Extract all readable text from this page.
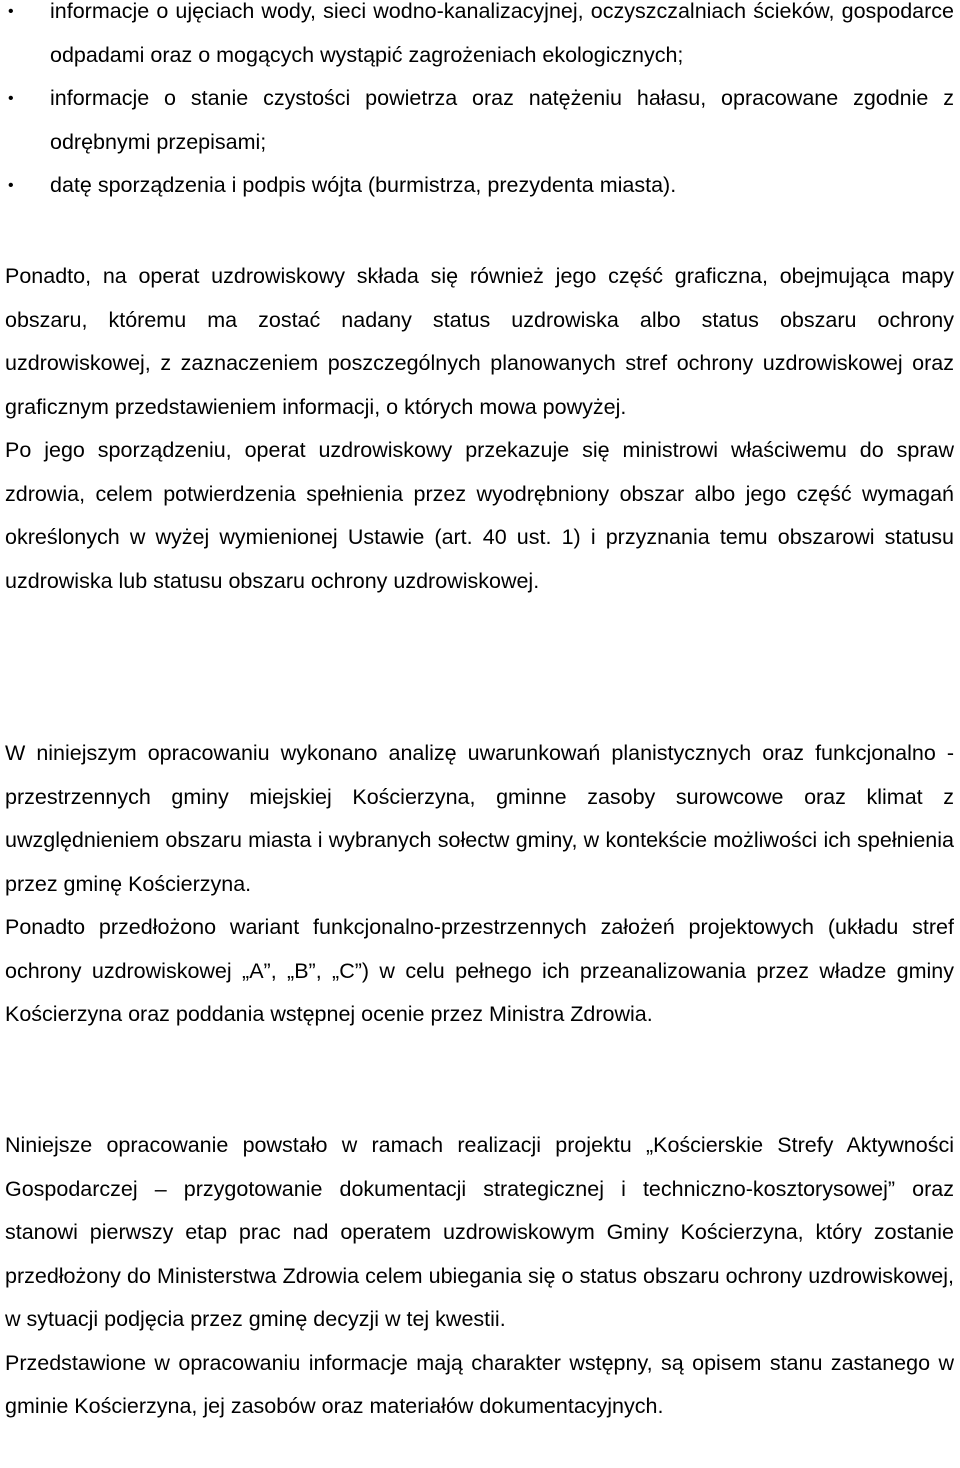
• informacje o ujęciach wody, sieci wodno-kanalizacyjnej, oczyszczalniach ścieków, gospodarce odpadami oraz o mogących wystąpić zagrożeniach ekologicznych;
• informacje o stanie czystości powietrza oraz natężeniu hałasu, opracowane zgodnie z odrębnymi przepisami;
• datę sporządzenia i podpis wójta (burmistrza, prezydenta miasta).

Ponadto, na operat uzdrowiskowy składa się również jego część graficzna, obejmująca mapy obszaru, któremu ma zostać nadany status uzdrowiska albo status obszaru ochrony uzdrowiskowej, z zaznaczeniem poszczególnych planowanych stref ochrony uzdrowiskowej oraz graficznym przedstawieniem informacji, o których mowa powyżej.

Po jego sporządzeniu, operat uzdrowiskowy przekazuje się ministrowi właściwemu do spraw zdrowia, celem potwierdzenia spełnienia przez wyodrębniony obszar albo jego część wymagań określonych w wyżej wymienionej Ustawie (art. 40 ust. 1) i przyznania temu obszarowi statusu uzdrowiska lub statusu obszaru ochrony uzdrowiskowej.

W niniejszym opracowaniu wykonano analizę uwarunkowań planistycznych oraz funkcjonalno - przestrzennych gminy miejskiej Kościerzyna, gminne zasoby surowcowe oraz klimat z uwzględnieniem obszaru miasta i wybranych sołectw gminy, w kontekście możliwości ich spełnienia przez gminę Kościerzyna.

Ponadto przedłożono wariant funkcjonalno-przestrzennych założeń projektowych (układu stref ochrony uzdrowiskowej „A”, „B”, „C”) w celu pełnego ich przeanalizowania przez władze gminy Kościerzyna oraz poddania wstępnej ocenie przez Ministra Zdrowia.

Niniejsze opracowanie powstało w ramach realizacji projektu „Kościerskie Strefy Aktywności Gospodarczej – przygotowanie dokumentacji strategicznej i techniczno-kosztorysowej” oraz stanowi pierwszy etap prac nad operatem uzdrowiskowym Gminy Kościerzyna, który zostanie przedłożony do Ministerstwa Zdrowia celem ubiegania się o status obszaru ochrony uzdrowiskowej, w sytuacji podjęcia przez gminę decyzji w tej kwestii.

Przedstawione w opracowaniu informacje mają charakter wstępny, są opisem stanu zastanego w gminie Kościerzyna, jej zasobów oraz materiałów dokumentacyjnych.
